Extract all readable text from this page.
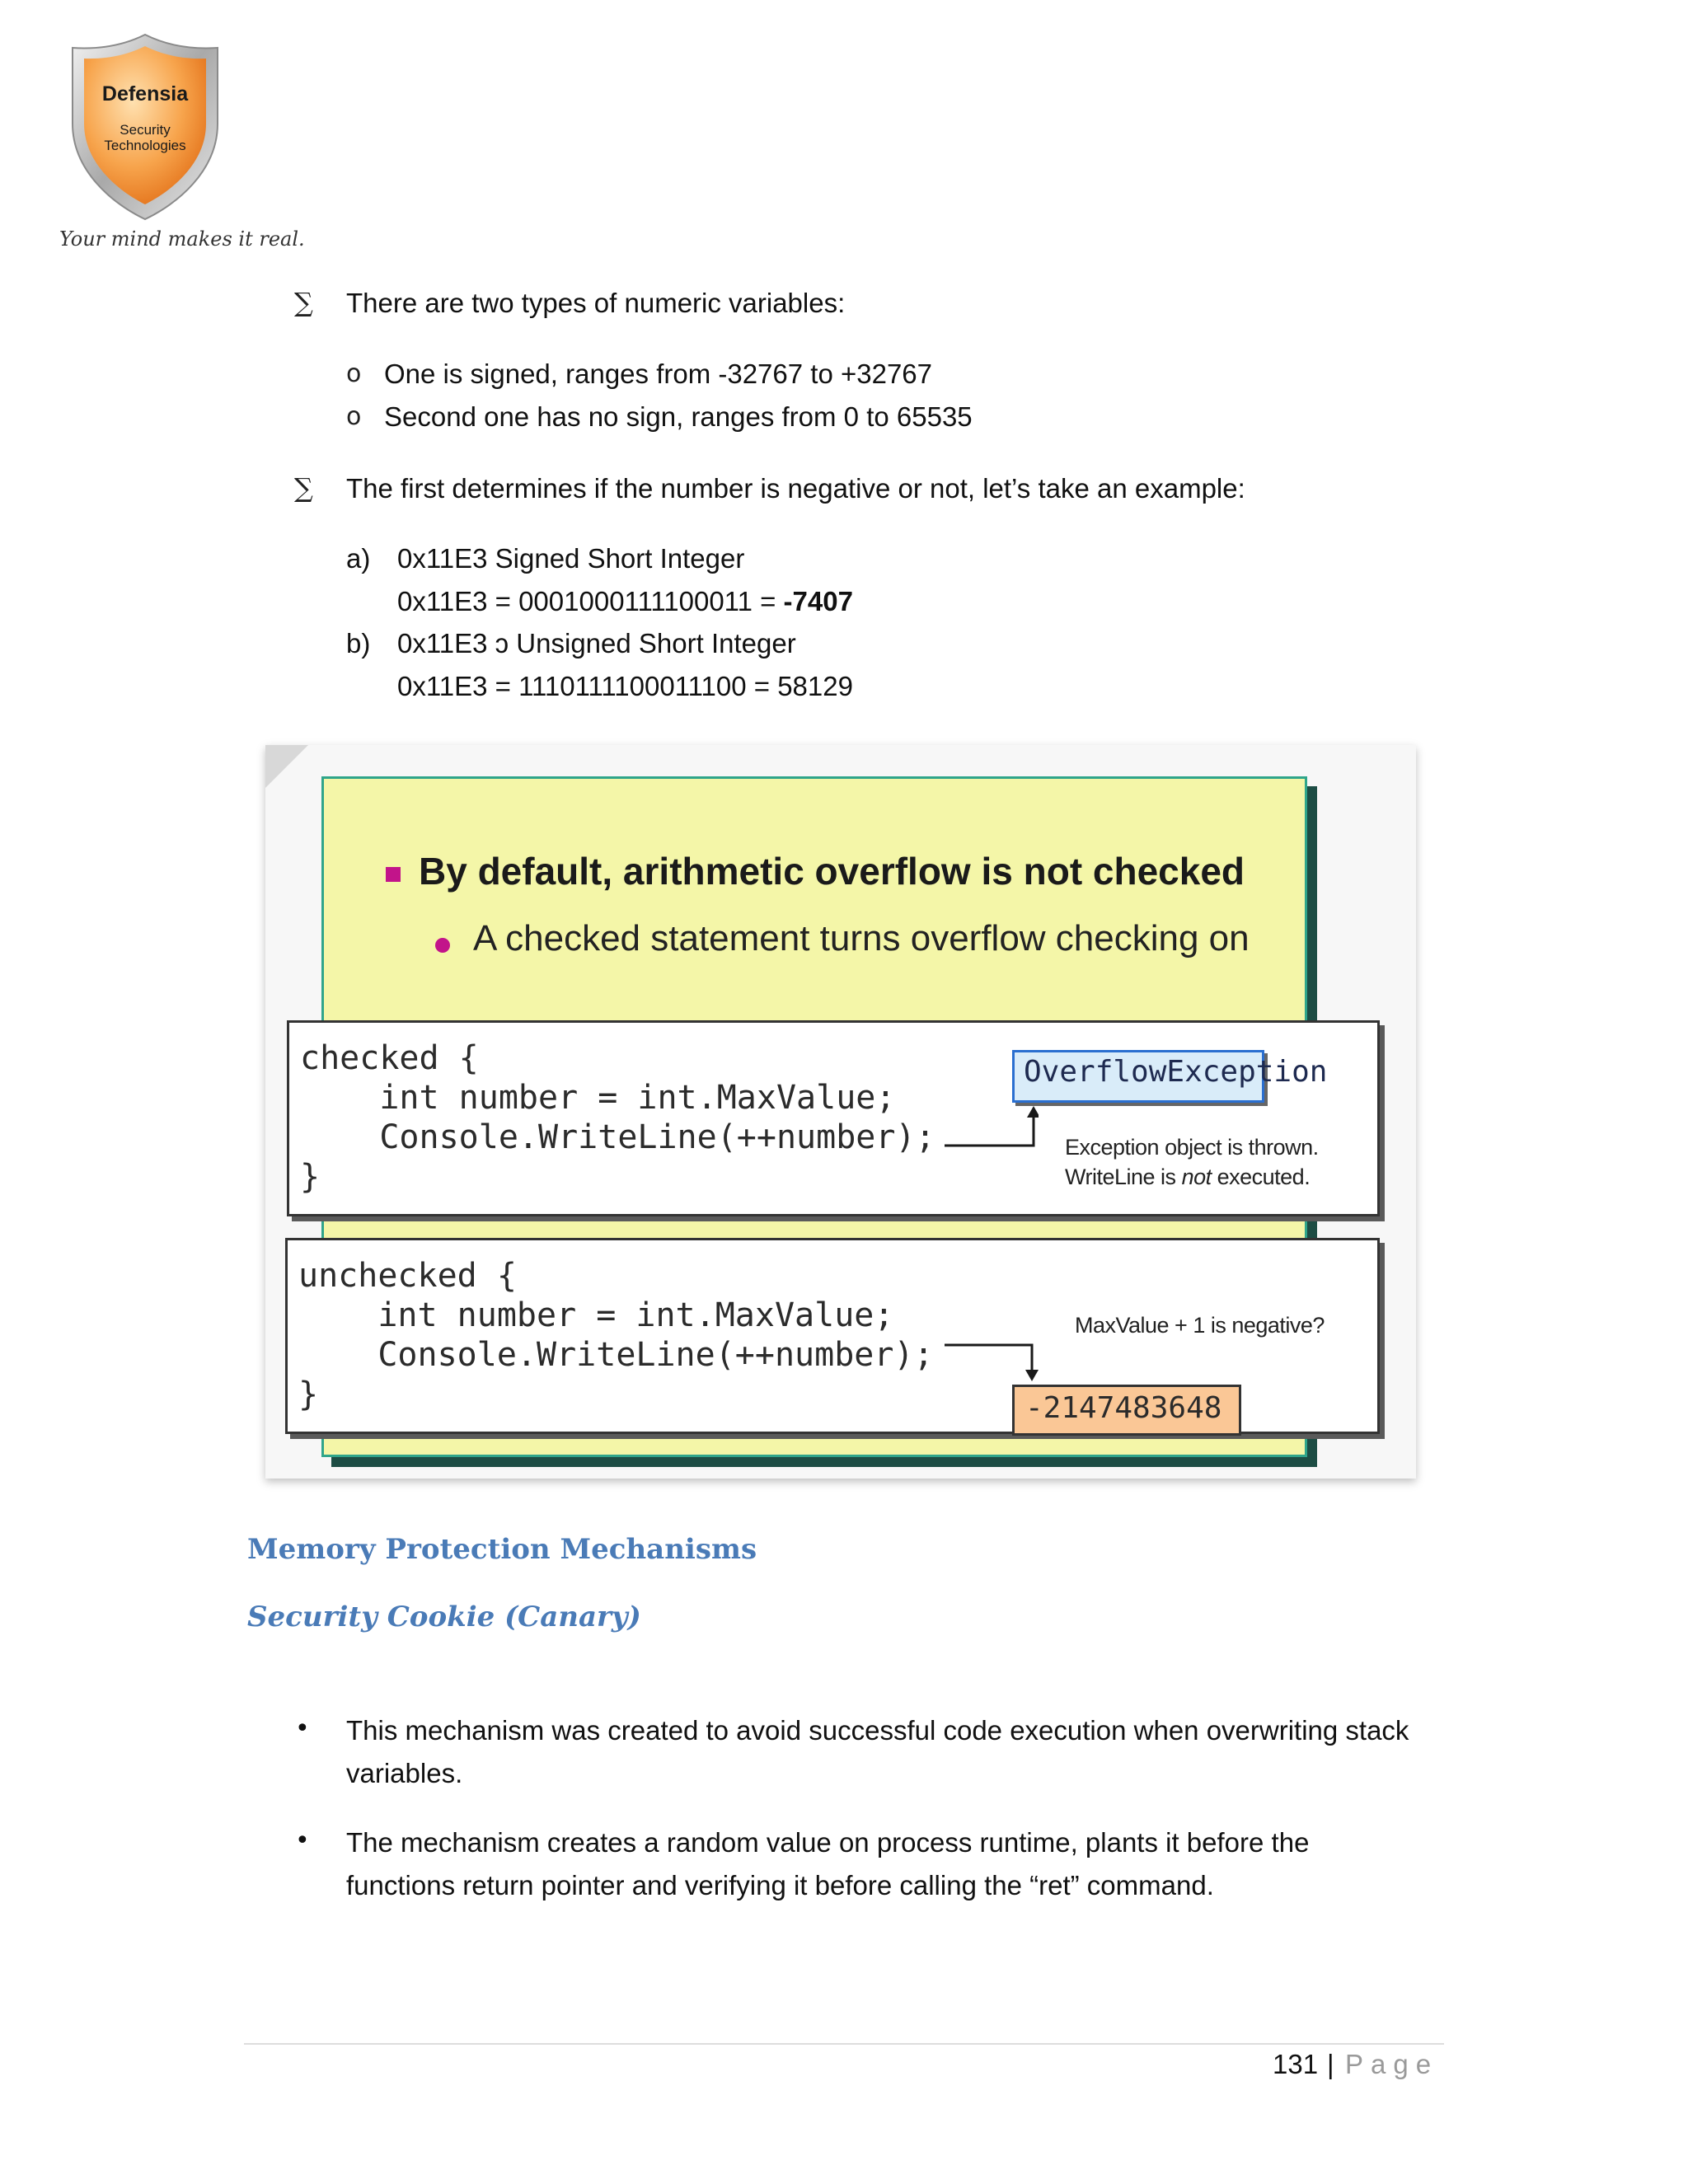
Defensia
Security
Technologies
Your mind makes it real.
∑ There are two types of numeric variables:
o One is signed, ranges from -32767 to +32767
o Second one has no sign, ranges from 0 to 65535
∑ The first determines if the number is negative or not, let’s take an example:
a) 0x11E3 Signed Short Integer
0x11E3 = 0001000111100011 = -7407
b) 0x11E3 ↄ Unsigned Short Integer
0x11E3 = 1110111100011100 = 58129
By default, arithmetic overflow is not checked
A checked statement turns overflow checking on
checked {
int number = int.MaxValue;
Console.WriteLine(++number);
}
OverflowException
Exception object is thrown.
WriteLine is not executed.
unchecked {
int number = int.MaxValue;
Console.WriteLine(++number);
}
MaxValue + 1 is negative?
-2147483648
Memory Protection Mechanisms
Security Cookie (Canary)
• This mechanism was created to avoid successful code execution when overwriting stack
variables.
• The mechanism creates a random value on process runtime, plants it before the
functions return pointer and verifying it before calling the “ret” command.
131 | Page
